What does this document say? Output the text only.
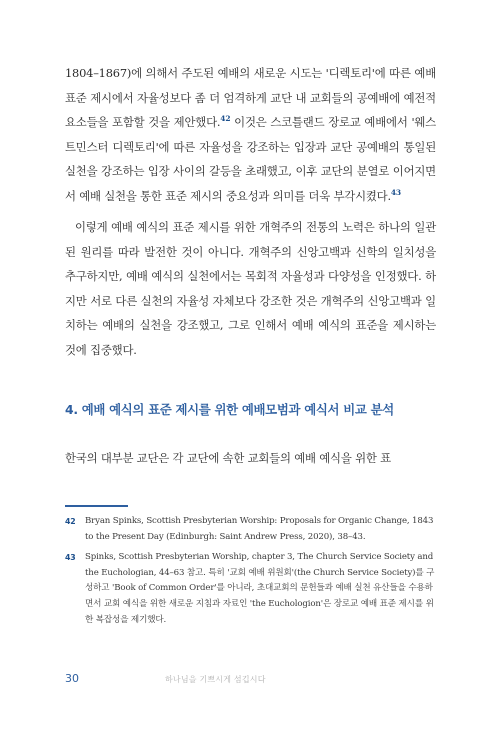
1804–1867)에 의해서 주도된 예배의 새로운 시도는 '디렉토리'에 따른 예배 표준 제시에서 자율성보다 좀 더 엄격하게 교단 내 교회들의 공예배에 예전적 요소들을 포함할 것을 제안했다.$^{42}$ 이것은 스코틀랜드 장로교 예배에서 '웨스트민스터 디렉토리'에 따른 자율성을 강조하는 입장과 교단 공예배의 통일된 실천을 강조하는 입장 사이의 갈등을 초래했고, 이후 교단의 분열로 이어지면서 예배 실천을 통한 표준 제시의 중요성과 의미를 더욱 부각시켰다.$^{43}$
이렇게 예배 예식의 표준 제시를 위한 개혁주의 전통의 노력은 하나의 일관된 원리를 따라 발전한 것이 아니다. 개혁주의 신앙고백과 신학의 일치성을 추구하지만, 예배 예식의 실천에서는 목회적 자율성과 다양성을 인정했다. 하지만 서로 다른 실천의 자율성 자체보다 강조한 것은 개혁주의 신앙고백과 일치하는 예배의 실천을 강조했고, 그로 인해서 예배 예식의 표준을 제시하는 것에 집중했다.
4. 예배 예식의 표준 제시를 위한 예배모범과 예식서 비교 분석
한국의 대부분 교단은 각 교단에 속한 교회들의 예배 예식을 위한 표
42	Bryan Spinks, Scottish Presbyterian Worship: Proposals for Organic Change, 1843 to the Present Day (Edinburgh: Saint Andrew Press, 2020), 38–43.
43	Spinks, Scottish Presbyterian Worship, chapter 3, The Church Service Society and the Euchologian, 44–63 참고. 특히 '교회 예배 위원회'(the Church Service Society)를 구성하고 'Book of Common Order'를 아니라, 초대교회의 문헌들과 예배 실천 유산들을 수용하면서 교회 예식을 위한 새로운 지침과 자료인 'the Euchologion'은 장로교 예배 표준 제시를 위한 복잡성을 제기했다.
30	하나님을 기쁘시게 섬깁시다
